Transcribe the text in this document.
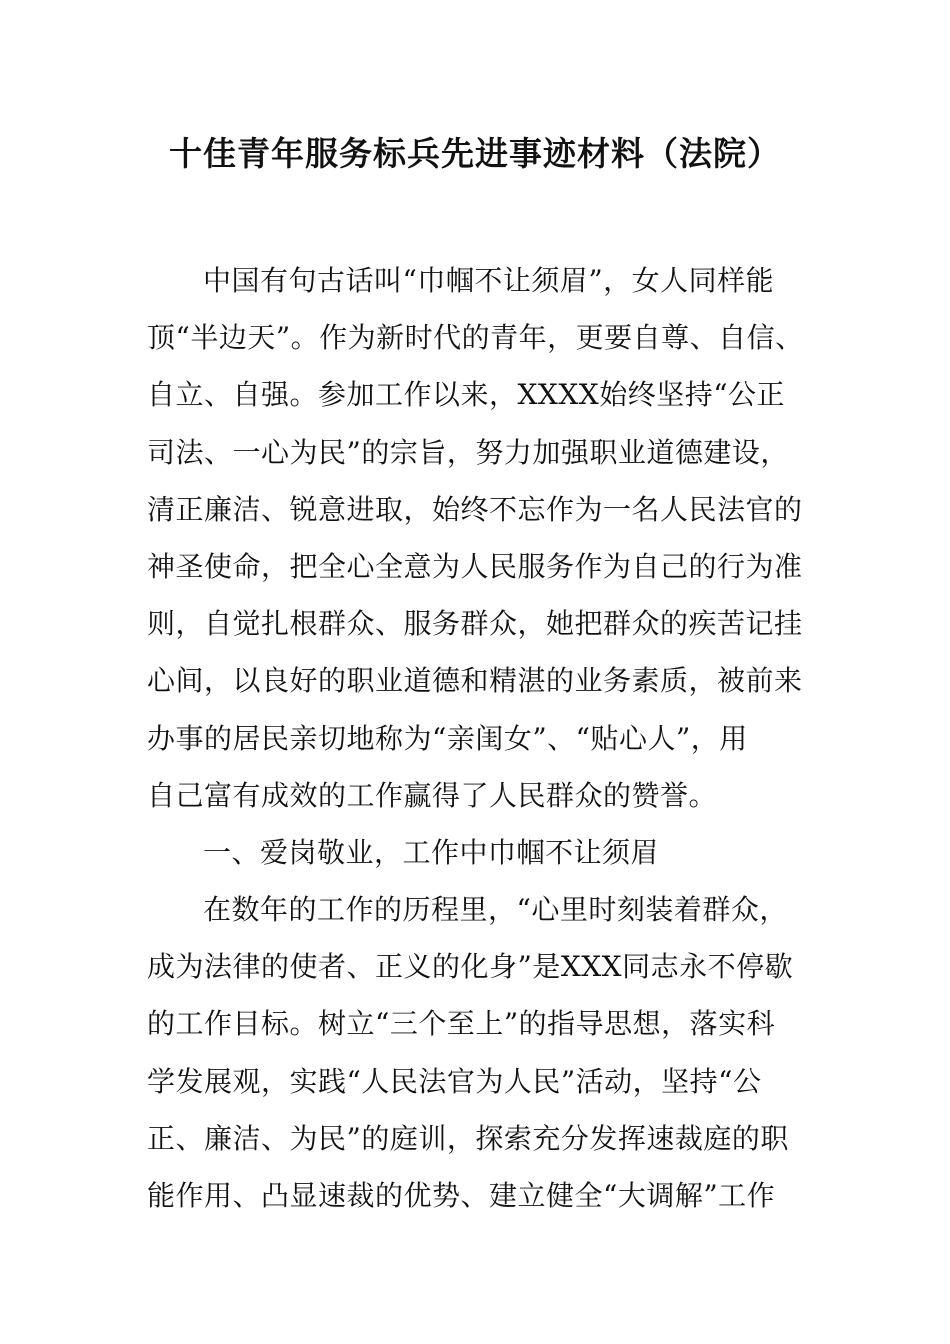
十佳青年服务标兵先进事迹材料（法院）
中国有句古话叫“巾帼不让须眉”，女人同样能
顶“半边天”。作为新时代的青年，更要自尊、自信、
自立、自强。参加工作以来，XXXX始终坚持“公正
司法、一心为民”的宗旨，努力加强职业道德建设，
清正廉洁、锐意进取，始终不忘作为一名人民法官的
神圣使命，把全心全意为人民服务作为自己的行为准
则，自觉扎根群众、服务群众，她把群众的疾苦记挂
心间，以良好的职业道德和精湛的业务素质，被前来
办事的居民亲切地称为“亲闺女”、“贴心人”，用
自己富有成效的工作赢得了人民群众的赞誉。
一、爱岗敬业，工作中巾帼不让须眉
在数年的工作的历程里，“心里时刻装着群众，
成为法律的使者、正义的化身”是XXX同志永不停歇
的工作目标。树立“三个至上”的指导思想，落实科
学发展观，实践“人民法官为人民”活动，坚持“公
正、廉洁、为民”的庭训，探索充分发挥速裁庭的职
能作用、凸显速裁的优势、建立健全“大调解”工作
